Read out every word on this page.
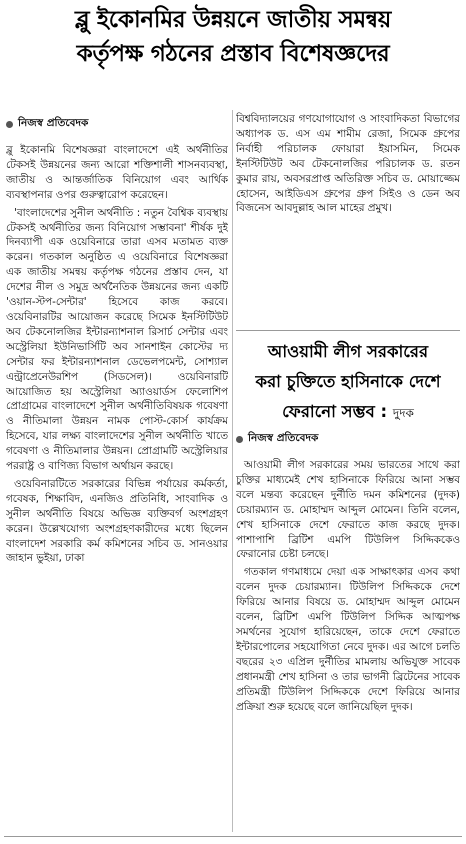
ব্লু ইকোনমির উন্নয়নে জাতীয় সমন্বয়
কর্তৃপক্ষ গঠনের প্রস্তাব বিশেষজ্ঞদের
নিজস্ব প্রতিবেদক

ব্লু ইকোনমি বিশেষজ্ঞরা বাংলাদেশে এই অর্থনীতির টেকসই উন্নয়নের জন্য আরো শক্তিশালী শাসনব্যবস্থা, জাতীয় ও আন্তর্জাতিক বিনিয়োগ এবং আর্থিক ব্যবস্থাপনার ওপর গুরুত্বারোপ করেছেন।

'বাংলাদেশের সুনীল অর্থনীতি : নতুন বৈশ্বিক ব্যবস্থায় টেকসই অর্থনীতির জন্য বিনিয়োগ সম্ভাবনা' শীর্ষক দুই দিনব্যাপী এক ওয়েবিনারে তারা এসব মতামত ব্যক্ত করেন। গতকাল অনুষ্ঠিত এ ওয়েবিনারে বিশেষজ্ঞরা এক জাতীয় সমন্বয় কর্তৃপক্ষ গঠনের প্রস্তাব দেন, যা দেশের নীল ও সমুদ্র অর্থনৈতিক উন্নয়নের জন্য একটি 'ওয়ান-স্টপ-সেন্টার' হিসেবে কাজ করবে। ওয়েবিনারটির আয়োজন করেছে সিমেক ইনস্টিটিউট অব টেকনোলজির ইন্টারন্যাশনাল রিসার্চ সেন্টার এবং অস্ট্রেলিয়া ইউনিভার্সিটি অব সানশাইন কোস্টের দ্য সেন্টার ফর ইন্টারন্যাশনাল ডেভেলপমেন্ট, সোশ্যাল এন্ট্রাপ্রেনেউরশিপ (সিডসেল)। ওয়েবিনারটি আয়োজিত হয় অস্ট্রেলিয়া অ্যাওয়ার্ডস ফেলোশিপ প্রোগ্রামের বাংলাদেশে সুনীল অর্থনীতিবিষয়ক গবেষণা ও নীতিমালা উন্নয়ন নামক পোস্ট-কোর্স কার্যক্রম হিসেবে, যার লক্ষ্য বাংলাদেশের সুনীল অর্থনীতি খাতে গবেষণা ও নীতিমালার উন্নয়ন। প্রোগ্রামটি অস্ট্রেলিয়ার পররাষ্ট্র ও বাণিজ্য বিভাগ অর্থায়ন করছে।

ওয়েবিনারটিতে সরকারের বিভিন্ন পর্যায়ের কর্মকর্তা, গবেষক, শিক্ষাবিদ, এনজিও প্রতিনিধি, সাংবাদিক ও সুনীল অর্থনীতি বিষয়ে অভিজ্ঞ ব্যক্তিবর্গ অংশগ্রহণ করেন। উল্লেখযোগ্য অংশগ্রহণকারীদের মধ্যে ছিলেন বাংলাদেশ সরকারি কর্ম কমিশনের সচিব ড. সানওয়ার জাহান ভুইয়া, ঢাকা

বিশ্ববিদ্যালয়ের গণযোগাযোগ ও সাংবাদিকতা বিভাগের অধ্যাপক ড. এস এম শামীম রেজা, সিমেক গ্রুপের নির্বাহী পরিচালক ফোয়ারা ইয়াসমিন, সিমেক ইনস্টিটিউট অব টেকনোলজির পরিচালক ড. রতন কুমার রায়, অবসরপ্রাপ্ত অতিরিক্ত সচিব ড. মোয়াজ্জেম হোসেন, আইডিএস গ্রুপের গ্রুপ সিইও ও ডেন অব বিজনেস আবদুল্লাহ আল মাহের প্রমুখ।

আওয়ামী লীগ সরকারের
করা চুক্তিতে হাসিনাকে দেশে
ফেরানো সম্ভব : দুদক
নিজস্ব প্রতিবেদক

আওয়ামী লীগ সরকারের সময় ভারতের সাথে করা চুক্তির মাধ্যমেই শেখ হাসিনাকে ফিরিয়ে আনা সম্ভব বলে মন্তব্য করেছেন দুর্নীতি দমন কমিশনের (দুদক) চেয়ারম্যান ড. মোহাম্মদ আব্দুল মোমেন। তিনি বলেন, শেখ হাসিনাকে দেশে ফেরাতে কাজ করছে দুদক। পাশাপাশি ব্রিটিশ এমপি টিউলিপ সিদ্দিককেও ফেরানোর চেষ্টা চলছে।

গতকাল গণমাধ্যমে দেয়া এক সাক্ষাৎকার এসব কথা বলেন দুদক চেয়ারম্যান। টিউলিপ সিদ্দিককে দেশে ফিরিয়ে আনার বিষয়ে ড. মোহাম্মদ আব্দুল মোমেন বলেন, ব্রিটিশ এমপি টিউলিপ সিদ্দিক আত্মপক্ষ সমর্থনের সুযোগ হারিয়েছেন, তাকে দেশে ফেরাতে ইন্টারপোলের সহযোগিতা নেবে দুদক। এর আগে চলতি বছরের ২৩ এপ্রিল দুর্নীতির মামলায় অভিযুক্ত সাবেক প্রধানমন্ত্রী শেখ হাসিনা ও তার ভাগনী ব্রিটেনের সাবেক প্রতিমন্ত্রী টিউলিপ সিদ্দিককে দেশে ফিরিয়ে আনার প্রক্রিয়া শুরু হয়েছে বলে জানিয়েছিল দুদক।
